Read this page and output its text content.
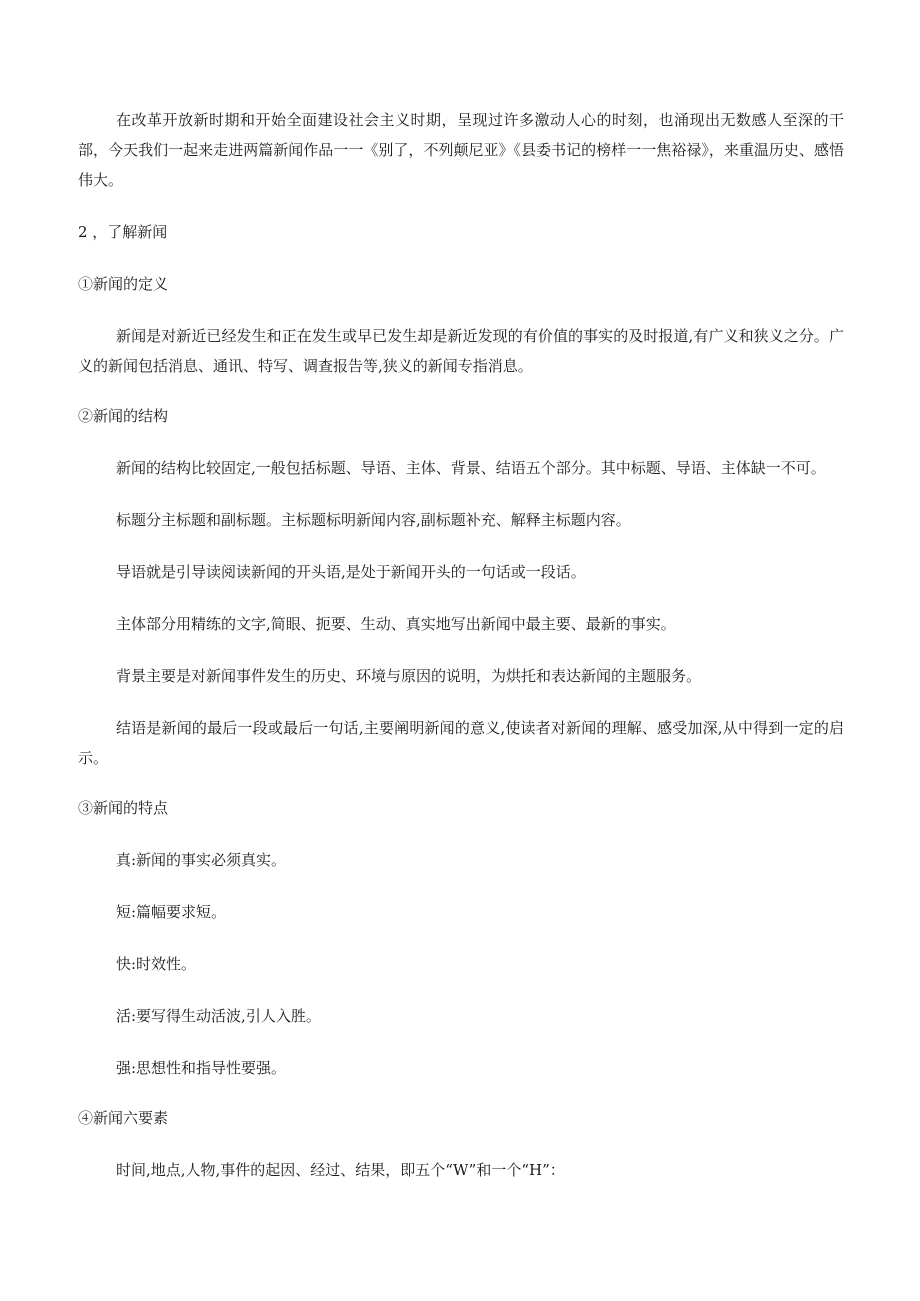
在改革开放新时期和开始全面建设社会主义时期，呈现过许多激动人心的时刻，也涌现出无数感人至深的干部，今天我们一起来走进两篇新闻作品一一《别了，不列颠尼亚》《县委书记的榜样一一焦裕禄》，来重温历史、感悟伟大。

2 ，了解新闻

①新闻的定义

新闻是对新近已经发生和正在发生或早已发生却是新近发现的有价值的事实的及时报道,有广义和狭义之分。广义的新闻包括消息、通讯、特写、调查报告等,狭义的新闻专指消息。

②新闻的结构

新闻的结构比较固定,一般包括标题、导语、主体、背景、结语五个部分。其中标题、导语、主体缺一不可。

标题分主标题和副标题。主标题标明新闻内容,副标题补充、解释主标题内容。

导语就是引导读阅读新闻的开头语,是处于新闻开头的一句话或一段话。

主体部分用精练的文字,简眼、扼要、生动、真实地写出新闻中最主要、最新的事实。

背景主要是对新闻事件发生的历史、环境与原因的说明，为烘托和表达新闻的主题服务。

结语是新闻的最后一段或最后一句话,主要阐明新闻的意义,使读者对新闻的理解、感受加深,从中得到一定的启示。

③新闻的特点

真:新闻的事实必须真实。

短:篇幅要求短。

快:时效性。

活:要写得生动活波,引人入胜。

强:思想性和指导性要强。

④新闻六要素

时间,地点,人物,事件的起因、经过、结果，即五个“W”和一个“H”：
